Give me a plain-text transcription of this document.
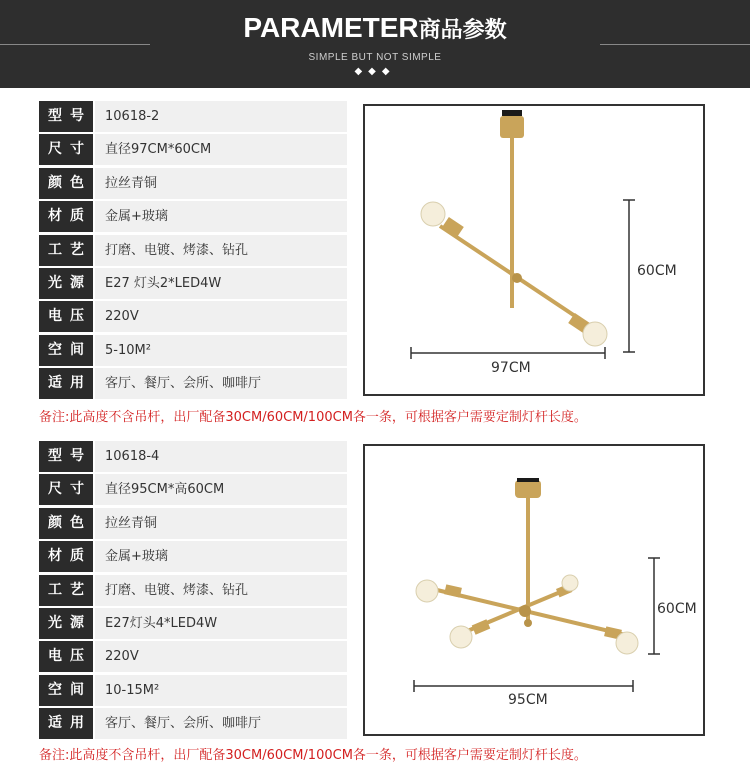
PARAMETER商品参数
SIMPLE BUT NOT SIMPLE
◆◆◆
型号	10618-2
尺寸	直径97CM*60CM
颜色	拉丝青铜
材质	金属+玻璃
工艺	打磨、电镀、烤漆、钻孔
光源	E27 灯头2*LED4W
电压	220V
空间	5-10M²
适用	客厅、餐厅、会所、咖啡厅
60CM
97CM
备注:此高度不含吊杆，出厂配备30CM/60CM/100CM各一条，可根据客户需要定制灯杆长度。
型号	10618-4
尺寸	直径95CM*高60CM
颜色	拉丝青铜
材质	金属+玻璃
工艺	打磨、电镀、烤漆、钻孔
光源	E27灯头4*LED4W
电压	220V
空间	10-15M²
适用	客厅、餐厅、会所、咖啡厅
60CM
95CM
备注:此高度不含吊杆，出厂配备30CM/60CM/100CM各一条，可根据客户需要定制灯杆长度。
